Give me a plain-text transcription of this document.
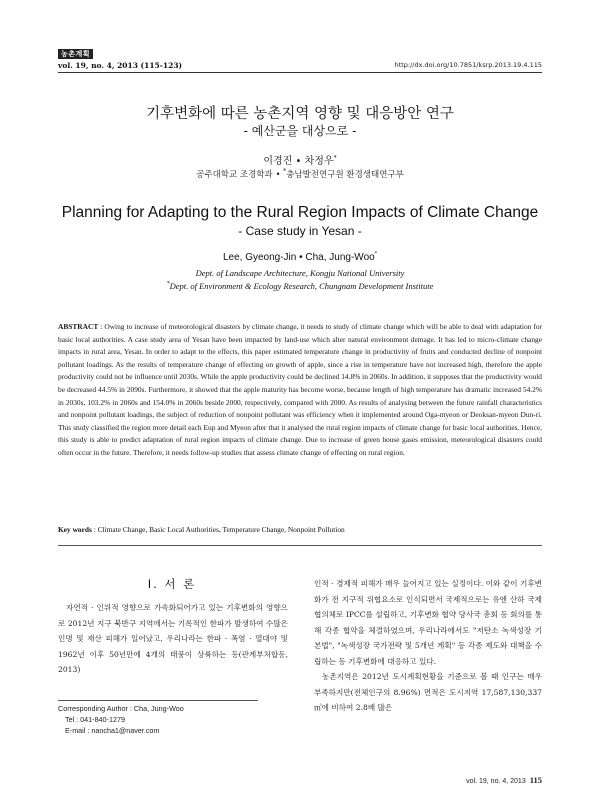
농촌계획
vol. 19, no. 4, 2013 (115-123)	http://dx.doi.org/10.7851/ksrp.2013.19.4.115
기후변화에 따른 농촌지역 영향 및 대응방안 연구
- 예산군을 대상으로 -
이경진 • 차정우*
공주대학교 조경학과 • *충남발전연구원 환경생태연구부
Planning for Adapting to the Rural Region Impacts of Climate Change
- Case study in Yesan -
Lee, Gyeong-Jin • Cha, Jung-Woo*
Dept. of Landscape Architecture, Kongju National University
*Dept. of Environment & Ecology Research, Chungnam Development Institute
ABSTRACT : Owing to increase of meteorological disasters by climate change, it needs to study of climate change which will be able to deal with adaptation for basic local authorities. A case study area of Yesan have been impacted by land-use which alter natural environment demage. It has led to micro-climate change impacts in rural area, Yesan. In order to adapt to the effects, this paper estimated temperature change in productivity of fruits and conducted decline of nonpoint pollutant loadings. As the results of temperature change of effecting on growth of apple, since a rise in temperature have not increased high, therefore the apple productivity could not be influence until 2030s. While the apple productivity could be declined 14.8% in 2060s. In addition, it supposes that the productivity would be decreased 44.5% in 2090s. Furthermore, it showed that the apple maturity has become worse, because length of high temperature has dramatic increased 54.2% in 2030s, 103.2% in 2060s and 154.0% in 2060s beside 2000, respectively, compared with 2000. As results of analysing between the future rainfall characteristics and nonpoint pollutant loadings, the subject of reduction of nonpoint pollutant was efficiency when it implemented around Oga-myeon or Deoksan-myeon Dun-ri. This study classified the region more detail each Eup and Myeon after that it analysed the rural region impacts of climate change for basic local authorities. Hence, this study is able to predict adaptation of rural region impacts of climate change. Due to increase of green house gases emission, meteorological disasters could often occur in the future. Therefore, it needs follow-up studies that assess climate change of effecting on rural region.
Key words : Climate Change, Basic Local Authorities, Temperature Change, Nonpoint Pollution
I. 서 론

자연적 · 인위적 영향으로 가속화되어가고 있는 기후변화의 영향으로 2012년 지구 북반구 지역에서는 기록적인 한파가 발생하여 수많은 인명 및 재산 피해가 일어났고, 우리나라는 한파 · 폭염 · 열대야 및 1962년 이후 50년만에 4개의 태풍이 상륙하는 등(관계부처합동, 2013)

인적 · 경제적 피해가 매우 늘어지고 있는 실정이다. 이와 같이 기후변화가 전 지구적 위협요소로 인식되면서 국제적으로는 유엔 산하 국제 협의체로 IPCC를 설립하고, 기후변화 협약 당사국 총회 등 회의를 통해 각종 협약을 체결하였으며, 우리나라에서도 "저탄소 녹색성장 기본법", "녹색성장 국가전략 및 5개년 계획" 등 각종 제도와 대책을 수립하는 등 기후변화에 대응하고 있다.

농촌지역은 2012년 도시계획현황을 기준으로 볼 때 인구는 매우 부족하지만(전체인구의 8.96%) 면적은 도시지역 17,587,130,337㎡에 비하여 2.8배 많은

Corresponding Author : Cha, Jung-Woo
Tel : 041-840-1279
E-mail : nancha1@naver.com
vol. 19, no. 4, 2013 115
